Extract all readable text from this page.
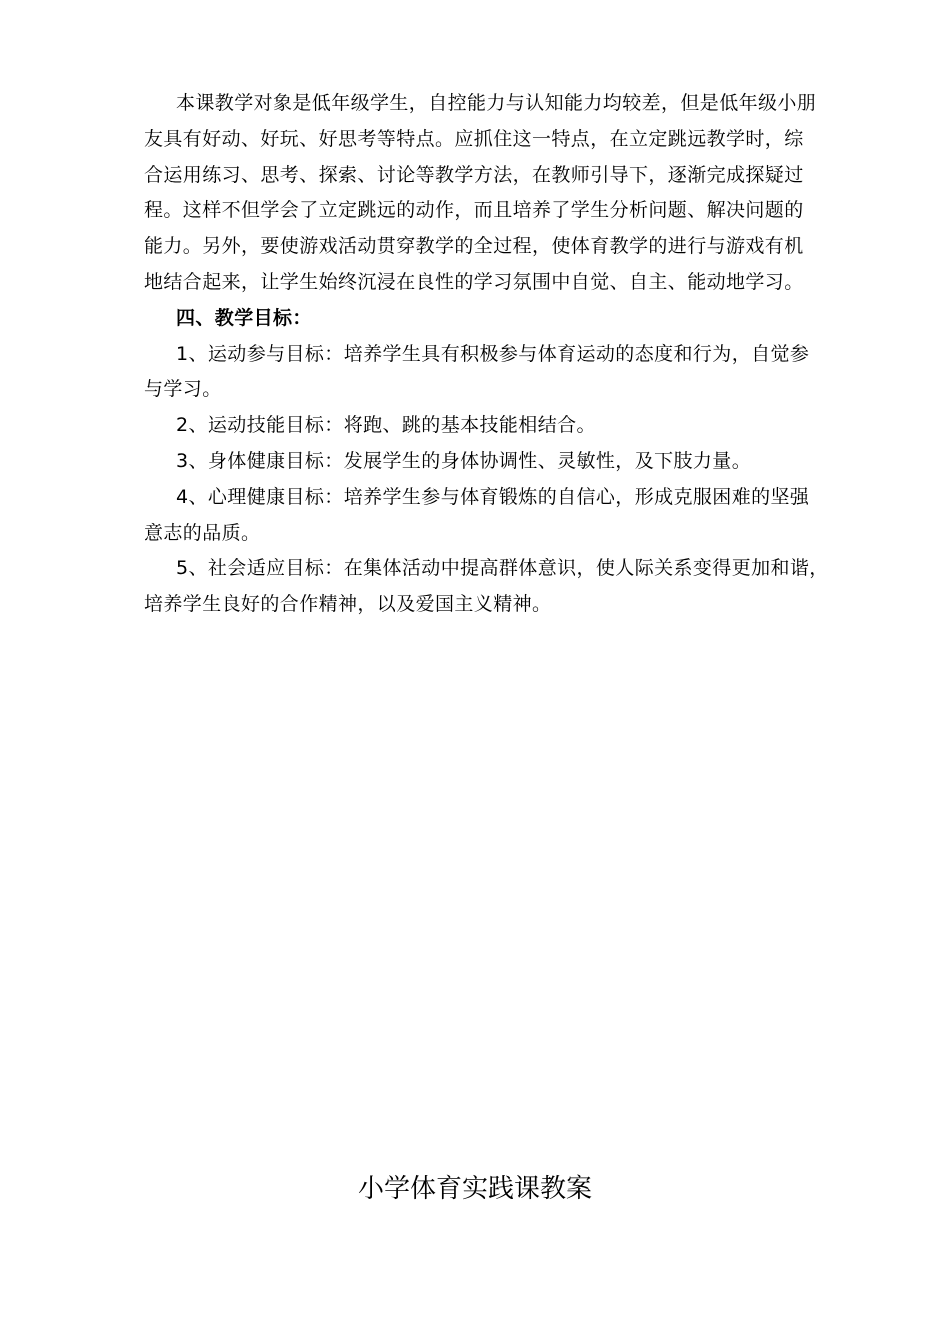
本课教学对象是低年级学生，自控能力与认知能力均较差，但是低年级小朋
友具有好动、好玩、好思考等特点。应抓住这一特点，在立定跳远教学时，综
合运用练习、思考、探索、讨论等教学方法，在教师引导下，逐渐完成探疑过
程。这样不但学会了立定跳远的动作，而且培养了学生分析问题、解决问题的
能力。另外，要使游戏活动贯穿教学的全过程，使体育教学的进行与游戏有机
地结合起来，让学生始终沉浸在良性的学习氛围中自觉、自主、能动地学习。
四、教学目标：
1、运动参与目标：培养学生具有积极参与体育运动的态度和行为，自觉参
与学习。
2、运动技能目标：将跑、跳的基本技能相结合。
3、身体健康目标：发展学生的身体协调性、灵敏性，及下肢力量。
4、心理健康目标：培养学生参与体育锻炼的自信心，形成克服困难的坚强
意志的品质。
5、社会适应目标：在集体活动中提高群体意识，使人际关系变得更加和谐，
培养学生良好的合作精神，以及爱国主义精神。
小学体育实践课教案
